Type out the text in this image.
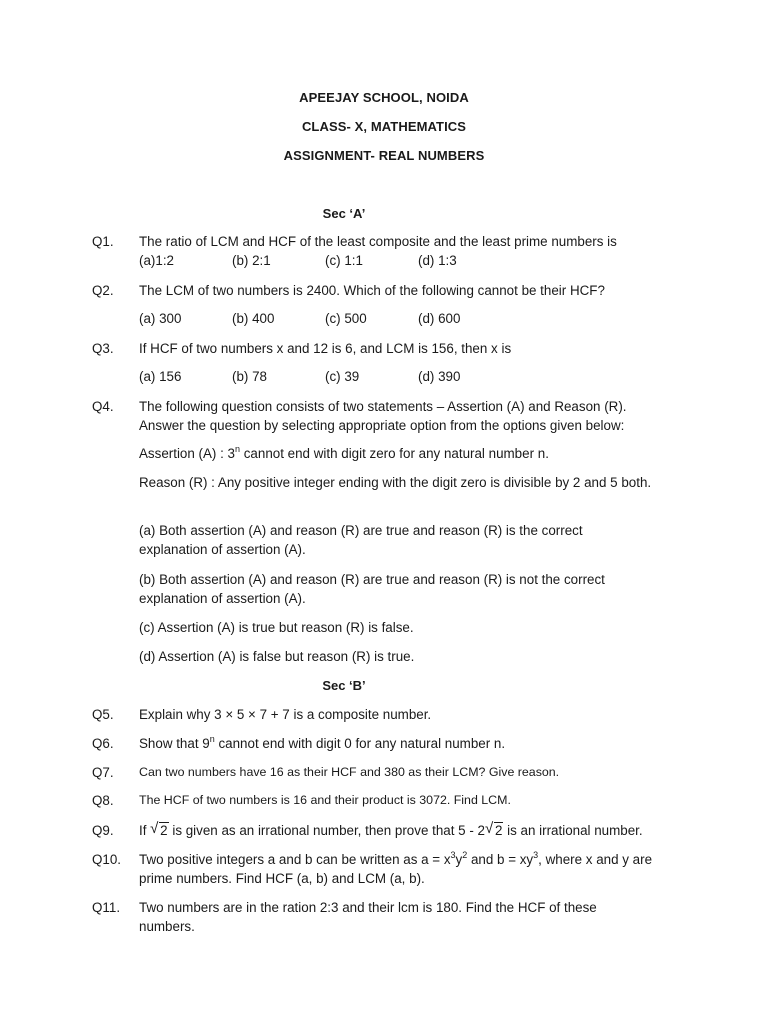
APEEJAY SCHOOL, NOIDA
CLASS- X, MATHEMATICS
ASSIGNMENT- REAL NUMBERS
Sec ‘A’
Q1. The ratio of LCM and HCF of the least composite and the least prime numbers is
(a)1:2	(b) 2:1	(c) 1:1	(d) 1:3
Q2. The LCM of two numbers is 2400. Which of the following cannot be their HCF?
(a) 300	(b) 400	(c) 500	(d) 600
Q3. If HCF of two numbers x and 12 is 6, and LCM is 156, then x is
(a) 156	(b) 78	(c) 39	(d) 390
Q4. The following question consists of two statements – Assertion (A) and Reason (R).

Answer the question by selecting appropriate option from the options given below:

Assertion (A) : 3$^n$ cannot end with digit zero for any natural number n.

Reason (R) : Any positive integer ending with the digit zero is divisible by 2 and 5 both.

(a) Both assertion (A) and reason (R) are true and reason (R) is the correct explanation of assertion (A).

(b) Both assertion (A) and reason (R) are true and reason (R) is not the correct explanation of assertion (A).

(c) Assertion (A) is true but reason (R) is false.

(d) Assertion (A) is false but reason (R) is true.

Sec ‘B’
Q5. Explain why 3 × 5 × 7 + 7 is a composite number.
Q6. Show that 9$^n$ cannot end with digit 0 for any natural number n.
Q7. Can two numbers have 16 as their HCF and 380 as their LCM? Give reason.
Q8. The HCF of two numbers is 16 and their product is 3072. Find LCM.
Q9. If √ 2 is given as an irrational number, then prove that 5 - 2 √ 2 is an irrational number.
Q10. Two positive integers a and b can be written as $a = x^3y^2$ and $b = xy^3$, where x and y are prime numbers. Find HCF (a, b) and LCM (a, b).
Q11. Two numbers are in the ration 2:3 and their lcm is 180. Find the HCF of these numbers.
